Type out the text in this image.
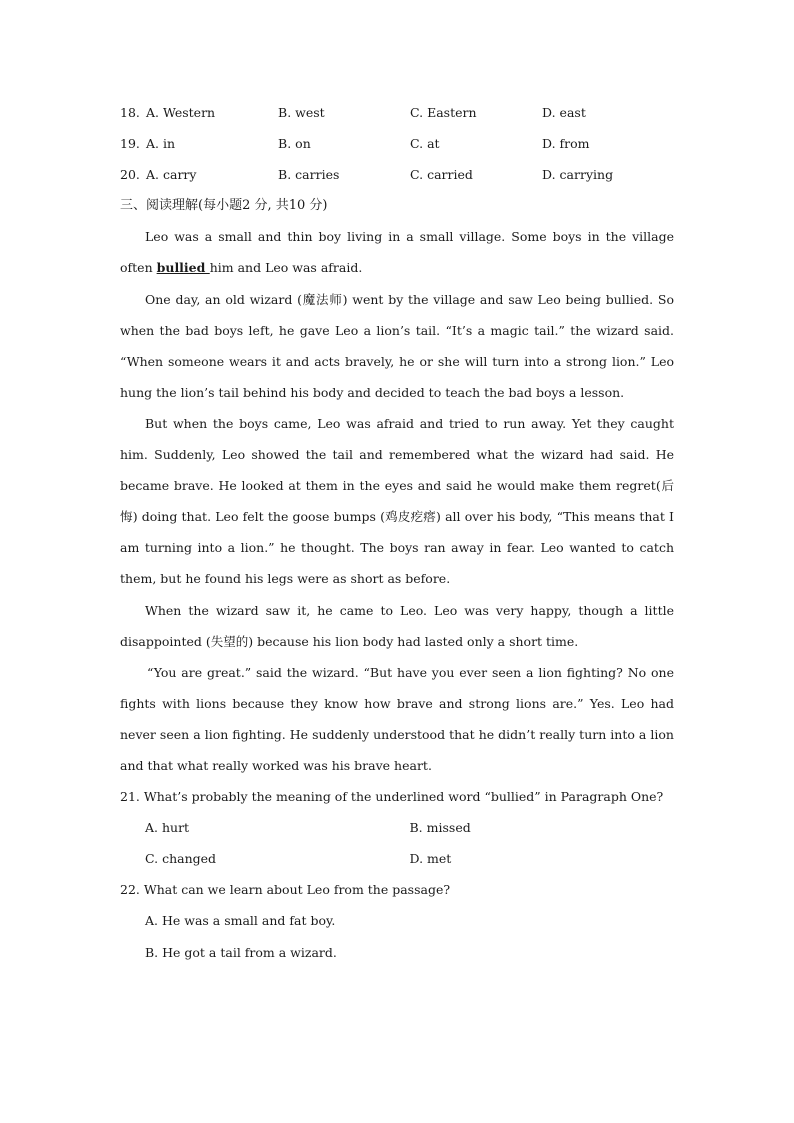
18. A. Western	B. west	C. Eastern	D. east
19. A. in	B. on	C. at	D. from
20. A. carry	B. carries	C. carried	D. carrying
三、阅读理解(每小题2 分, 共10 分)

Leo was a small and thin boy living in a small village. Some boys in the village often bullied him and Leo was afraid.

One day, an old wizard (魔法师) went by the village and saw Leo being bullied. So when the bad boys left, he gave Leo a lion’s tail. “It’s a magic tail.” the wizard said. “When someone wears it and acts bravely, he or she will turn into a strong lion.” Leo hung the lion’s tail behind his body and decided to teach the bad boys a lesson.

But when the boys came, Leo was afraid and tried to run away. Yet they caught him. Suddenly, Leo showed the tail and remembered what the wizard had said. He became brave. He looked at them in the eyes and said he would make them regret(后悔) doing that. Leo felt the goose bumps (鸡皮疙瘩) all over his body, “This means that I am turning into a lion.” he thought. The boys ran away in fear. Leo wanted to catch them, but he found his legs were as short as before.

When the wizard saw it, he came to Leo. Leo was very happy, though a little disappointed (失望的) because his lion body had lasted only a short time.

“You are great.” said the wizard. “But have you ever seen a lion fighting? No one fights with lions because they know how brave and strong lions are.” Yes. Leo had never seen a lion fighting. He suddenly understood that he didn’t really turn into a lion and that what really worked was his brave heart.

21. What’s probably the meaning of the underlined word “bullied” in Paragraph One?

A. hurt	B. missed
C. changed	D. met
22. What can we learn about Leo from the passage?
A. He was a small and fat boy.
B. He got a tail from a wizard.
